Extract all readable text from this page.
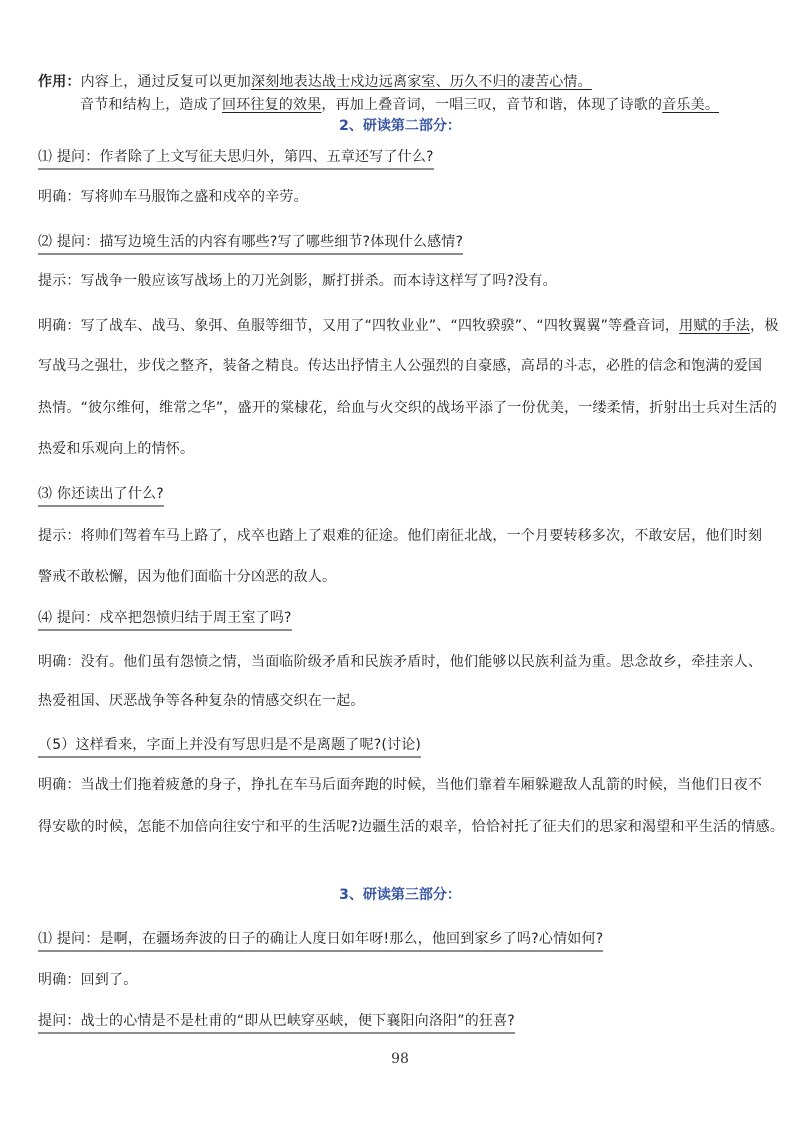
作用：内容上，通过反复可以更加深刻地表达战士戍边远离家室、历久不归的凄苦心情。
音节和结构上，造成了回环往复的效果，再加上叠音词，一唱三叹，音节和谐，体现了诗歌的音乐美。
2、研读第二部分：
⑴ 提问：作者除了上文写征夫思归外，第四、五章还写了什么?
明确：写将帅车马服饰之盛和戍卒的辛劳。
⑵ 提问：描写边境生活的内容有哪些?写了哪些细节?体现什么感情?
提示：写战争一般应该写战场上的刀光剑影，厮打拼杀。而本诗这样写了吗?没有。
明确：写了战车、战马、象弭、鱼服等细节，又用了“四牧业业”、“四牧骙骙”、“四牧翼翼”等叠音词，用赋的手法，极
写战马之强壮，步伐之整齐，装备之精良。传达出抒情主人公强烈的自豪感，高昂的斗志，必胜的信念和饱满的爱国
热情。“彼尔维何，维常之华”，盛开的棠棣花，给血与火交织的战场平添了一份优美，一缕柔情，折射出士兵对生活的
热爱和乐观向上的情怀。
⑶ 你还读出了什么?
提示：将帅们驾着车马上路了，戍卒也踏上了艰难的征途。他们南征北战，一个月要转移多次，不敢安居，他们时刻
警戒不敢松懈，因为他们面临十分凶恶的敌人。
⑷ 提问：戍卒把怨愤归结于周王室了吗?
明确：没有。他们虽有怨愤之情，当面临阶级矛盾和民族矛盾时，他们能够以民族利益为重。思念故乡，牵挂亲人、
热爱祖国、厌恶战争等各种复杂的情感交织在一起。
（5）这样看来，字面上并没有写思归是不是离题了呢?(讨论)
明确：当战士们拖着疲惫的身子，挣扎在车马后面奔跑的时候，当他们靠着车厢躲避敌人乱箭的时候，当他们日夜不
得安歇的时候，怎能不加倍向往安宁和平的生活呢?边疆生活的艰辛，恰恰衬托了征夫们的思家和渴望和平生活的情感。
3、研读第三部分：
⑴ 提问：是啊，在疆场奔波的日子的确让人度日如年呀!那么，他回到家乡了吗?心情如何?
明确：回到了。
提问：战士的心情是不是杜甫的“即从巴峡穿巫峡，便下襄阳向洛阳”的狂喜?
98
